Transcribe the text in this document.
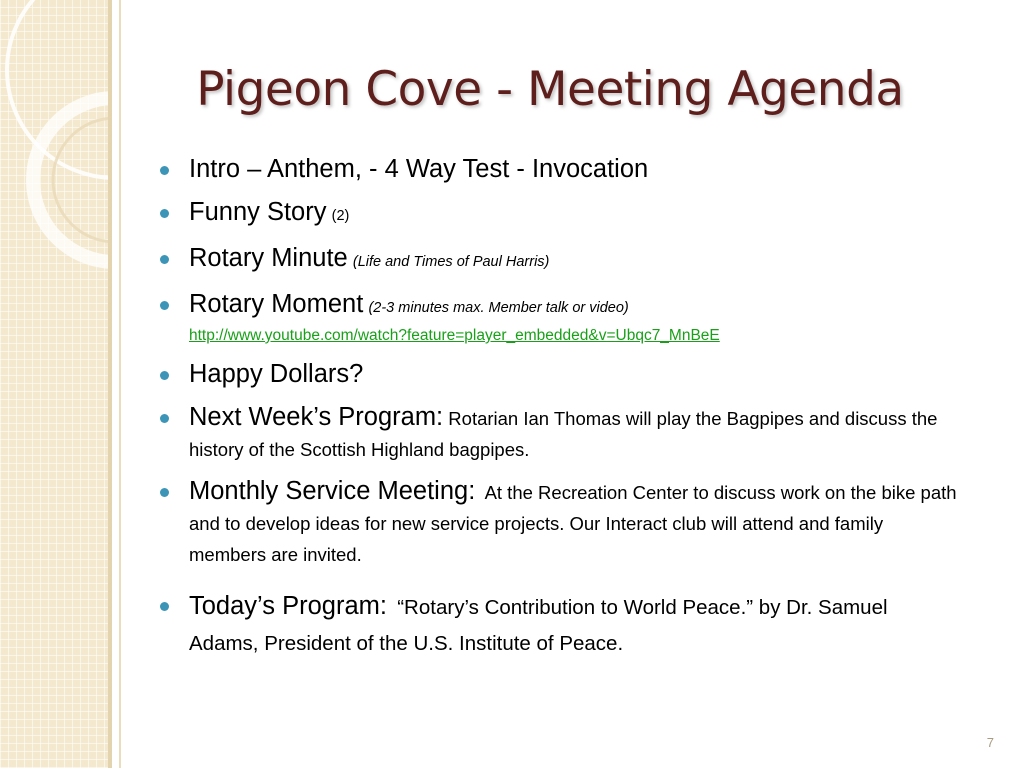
Pigeon Cove - Meeting Agenda
Intro – Anthem, - 4 Way Test - Invocation
Funny Story (2)
Rotary Minute (Life and Times of Paul Harris)
Rotary Moment (2-3 minutes max. Member talk or video)
http://www.youtube.com/watch?feature=player_embedded&v=Ubqc7_MnBeE
Happy Dollars?
Next Week’s Program: Rotarian Ian Thomas will play the Bagpipes and discuss the history of the Scottish Highland bagpipes.
Monthly Service Meeting: At the Recreation Center to discuss work on the bike path and to develop ideas for new service projects. Our Interact club will attend and family members are invited.
Today’s Program: “Rotary’s Contribution to World Peace.” by Dr. Samuel Adams, President of the U.S. Institute of Peace.
7
